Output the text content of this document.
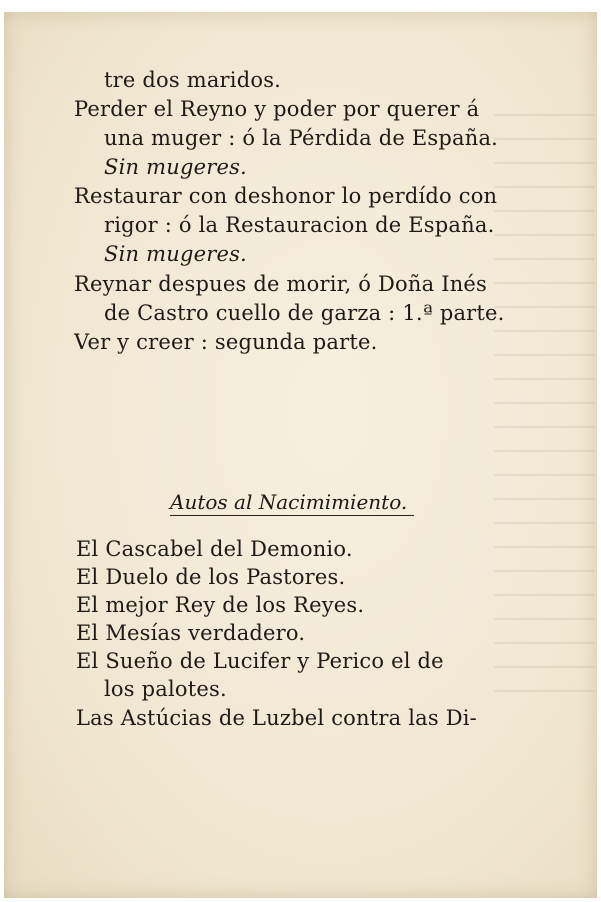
tre dos maridos.
Perder el Reyno y poder por querer á
una muger : ó la Pérdida de España.
Sin mugeres.
Restaurar con deshonor lo perdído con
rigor : ó la Restauracion de España.
Sin mugeres.
Reynar despues de morir, ó Doña Inés
de Castro cuello de garza : 1.ª parte.
Ver y creer : segunda parte.
Autos al Nacimimiento.
El Cascabel del Demonio.
El Duelo de los Pastores.
El mejor Rey de los Reyes.
El Mesías verdadero.
El Sueño de Lucifer y Perico el de
los palotes.
Las Astúcias de Luzbel contra las Di-
